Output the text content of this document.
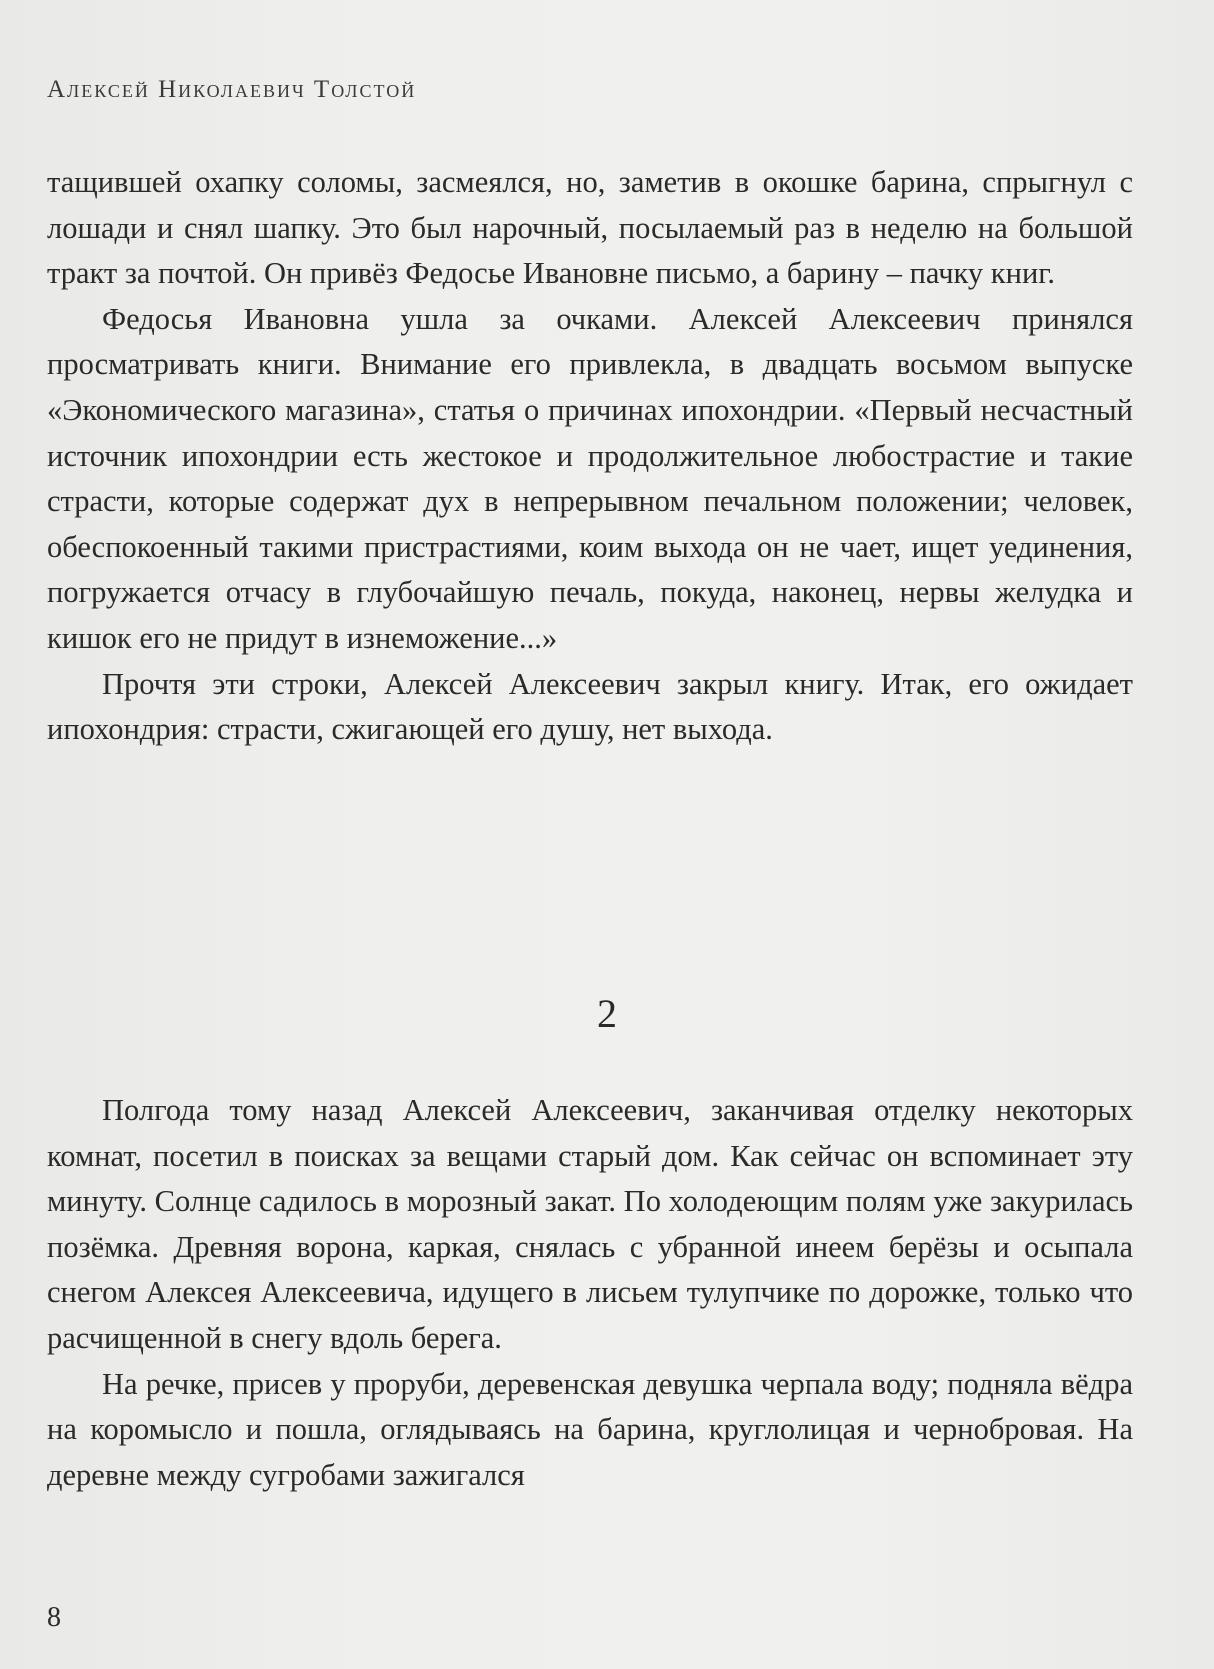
Алексей Николаевич Толстой

тащившей охапку соломы, засмеялся, но, заметив в окошке барина, спрыгнул с лошади и снял шапку. Это был нарочный, посылаемый раз в неделю на большой тракт за почтой. Он привёз Федосье Ивановне письмо, а барину – пачку книг.

Федосья Ивановна ушла за очками. Алексей Алексеевич принялся просматривать книги. Внимание его привлекла, в двадцать восьмом выпуске «Экономического магазина», статья о причинах ипохондрии. «Первый несчастный источник ипохондрии есть жестокое и продолжительное любострастие и такие страсти, которые содержат дух в непрерывном печальном положении; человек, обеспокоенный такими пристрастиями, коим выхода он не чает, ищет уединения, погружается отчасу в глубочайшую печаль, покуда, наконец, нервы желудка и кишок его не придут в изнеможение...»

Прочтя эти строки, Алексей Алексеевич закрыл книгу. Итак, его ожидает ипохондрия: страсти, сжигающей его душу, нет выхода.

2

Полгода тому назад Алексей Алексеевич, заканчивая отделку некоторых комнат, посетил в поисках за вещами старый дом. Как сейчас он вспоминает эту минуту. Солнце садилось в морозный закат. По холодеющим полям уже закурилась позёмка. Древняя ворона, каркая, снялась с убранной инеем берёзы и осыпала снегом Алексея Алексеевича, идущего в лисьем тулупчике по дорожке, только что расчищенной в снегу вдоль берега.

На речке, присев у проруби, деревенская девушка черпала воду; подняла вёдра на коромысло и пошла, оглядываясь на барина, круглолицая и чернобровая. На деревне между сугробами зажигался

8
